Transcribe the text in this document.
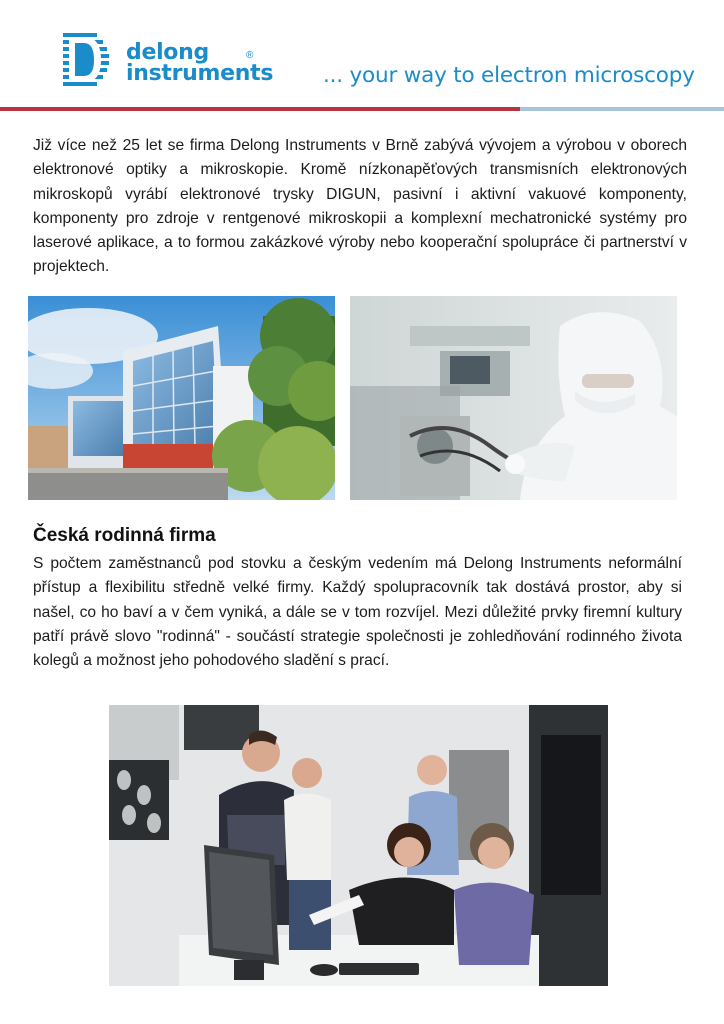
delong
instruments
®
... your way to electron microscopy
Již více než 25 let se firma Delong Instruments v Brně zabývá vývojem a výrobou v oborech elektronové optiky a mikroskopie. Kromě nízkonapěťových transmisních elektronových mikroskopů vyrábí elektronové trysky DIGUN, pasivní i aktivní vakuové komponenty, komponenty pro zdroje v rentgenové mikroskopii a komplexní mechatronické systémy pro laserové aplikace, a to formou zakázkové výroby nebo kooperační spolupráce či partnerství v projektech.
Česká rodinná firma
S počtem zaměstnanců pod stovku a českým vedením má Delong Instruments neformální přístup a flexibilitu středně velké firmy. Každý spolupracovník tak dostává prostor, aby si našel, co ho baví a v čem vyniká, a dále se v tom rozvíjel. Mezi důležité prvky firemní kultury patří právě slovo "rodinná" - součástí strategie společnosti je zohledňování rodinného života kolegů a možnost jeho pohodového sladění s prací.
